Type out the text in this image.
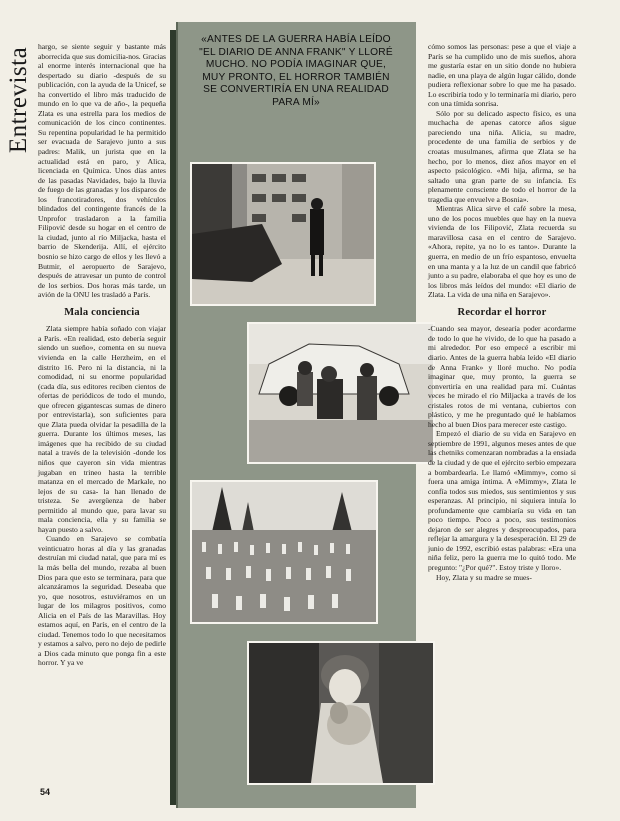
Entrevista

hargo, se siente seguir y bastante más aborrecida que sus domicilia-nos. Gracias al enorme interés internacional que ha despertado su diario -después de su publicación, con la ayuda de la Unicef, se ha convertido el libro más traducido de mundo en lo que va de año-, la pequeña Zlata es una estrella para los medios de comunicación de los cinco continentes. Su repentina popularidad le ha permitido ser evacuada de Sarajevo junto a sus padres: Malik, un jurista que en la actualidad está en paro, y Alica, licenciada en Química. Unos días antes de las pasadas Navidades, bajo la lluvia de fuego de las granadas y los disparos de los francotiradores, dos vehículos blindados del contingente francés de la Unprofor trasladaron a la familia Filipović desde su hogar en el centro de la ciudad, junto al río Miljacka, hasta el barrio de Skenderija. Allí, el ejército bosnio se hizo cargo de ellos y les llevó a Butmir, el aeropuerto de Sarajevo, después de atravesar un punto de control de los serbios. Dos horas más tarde, un avión de la ONU les trasladó a París.

Mala conciencia

Zlata siempre había soñado con viajar a París. «En realidad, esto debería seguir siendo un sueño», comenta en su nueva vivienda en la calle Herzheim, en el distrito 16. Pero ni la distancia, ni la comodidad, ni su enorme popularidad (cada día, sus editores reciben cientos de ofertas de periódicos de todo el mundo, que ofrecen gigantescas sumas de dinero por entrevistarla), son suficientes para que Zlata pueda olvidar la pesadilla de la guerra. Durante los últimos meses, las imágenes que ha recibido de su ciudad natal a través de la televisión -donde los niños que cayeron sin vida mientras jugaban en trineo hasta la terrible matanza en el mercado de Markale, no lejos de su casa- la han llenado de tristeza. Se avergüenza de haber permitido al mundo que, para lavar su mala conciencia, ella y su familia se hayan puesto a salvo.

Cuando en Sarajevo se combatía veinticuatro horas al día y las granadas destruían mi ciudad natal, que para mí es la más bella del mundo, rezaba al buen Dios para que esto se terminara, para que alcanzáramos la seguridad. Deseaba que yo, que nosotros, estuviéramos en un lugar de los milagros positivos, como Alicia en el País de las Maravillas. Hoy estamos aquí, en París, en el centro de la ciudad. Tenemos todo lo que necesitamos y estamos a salvo, pero no dejo de pedirle a Dios cada minuto que ponga fin a este horror. Y ya ve

«ANTES DE LA GUERRA HABÍA LEÍDO "EL DIARIO DE ANNA FRANK" Y LLORÉ MUCHO. NO PODÍA IMAGINAR QUE, MUY PRONTO, EL HORROR TAMBIÉN SE CONVERTIRÍA EN UNA REALIDAD PARA MÍ»

cómo somos las personas: pese a que el viaje a París se ha cumplido uno de mis sueños, ahora me gustaría estar en un sitio donde no hubiera nadie, en una playa de algún lugar cálido, donde pudiera reflexionar sobre lo que me ha pasado. Lo escribiría todo y lo terminaría mi diario, pero con una tímida sonrisa.

Sólo por su delicado aspecto físico, es una muchacha de apenas catorce años sigue pareciendo una niña. Alicia, su madre, procedente de una familia de serbios y de croatas musulmanes, afirma que Zlata se ha hecho, por lo menos, diez años mayor en el aspecto psicológico. «Mi hija, afirma, se ha saltado una gran parte de su infancia. Es plenamente consciente de todo el horror de la tragedia que envuelve a Bosnia».

Mientras Alica sirve el café sobre la mesa, uno de los pocos muebles que hay en la nueva vivienda de los Filipović, Zlata recuerda su maravillosa casa en el centro de Sarajevo. «Ahora, repite, ya no lo es tanto». Durante la guerra, en medio de un frío espantoso, envuelta en una manta y a la luz de un candil que fabricó junto a su padre, elaboraba el que hoy es uno de los libros más leídos del mundo: «El diario de Zlata. La vida de una niña en Sarajevo».

Recordar el horror

-Cuando sea mayor, desearía poder acordarme de todo lo que he vivido, de lo que ha pasado a mi alrededor. Por eso empecé a escribir mi diario. Antes de la guerra había leído «El diario de Anna Frank» y lloré mucho. No podía imaginar que, muy pronto, la guerra se convertiría en una realidad para mí. Cuántas veces he mirado el río Miljacka a través de los cristales rotos de mi ventana, cubiertos con plástico, y me he preguntado qué le habíamos hecho al buen Dios para merecer este castigo.

Empezó el diario de su vida en Sarajevo en septiembre de 1991, algunos meses antes de que las chetniks comenzaran nombradas a la ensiada de la ciudad y de que el ejército serbio empezara a bombardearla. Le llamó «Mimmy», como si fuera una amiga íntima. A «Mimmy», Zlata le confía todos sus miedos, sus sentimientos y sus esperanzas. Al principio, ni siquiera intuía lo profundamente que cambiaría su vida en tan poco tiempo. Poco a poco, sus testimonios dejaron de ser alegres y despreocupados, para reflejar la amargura y la desesperación. El 29 de junio de 1992, escribió estas palabras: «Era una niña feliz, pero la guerra me lo quitó todo. Me pregunto: "¿Por qué?". Estoy triste y lloro».

Hoy, Zlata y su madre se mues-

54
